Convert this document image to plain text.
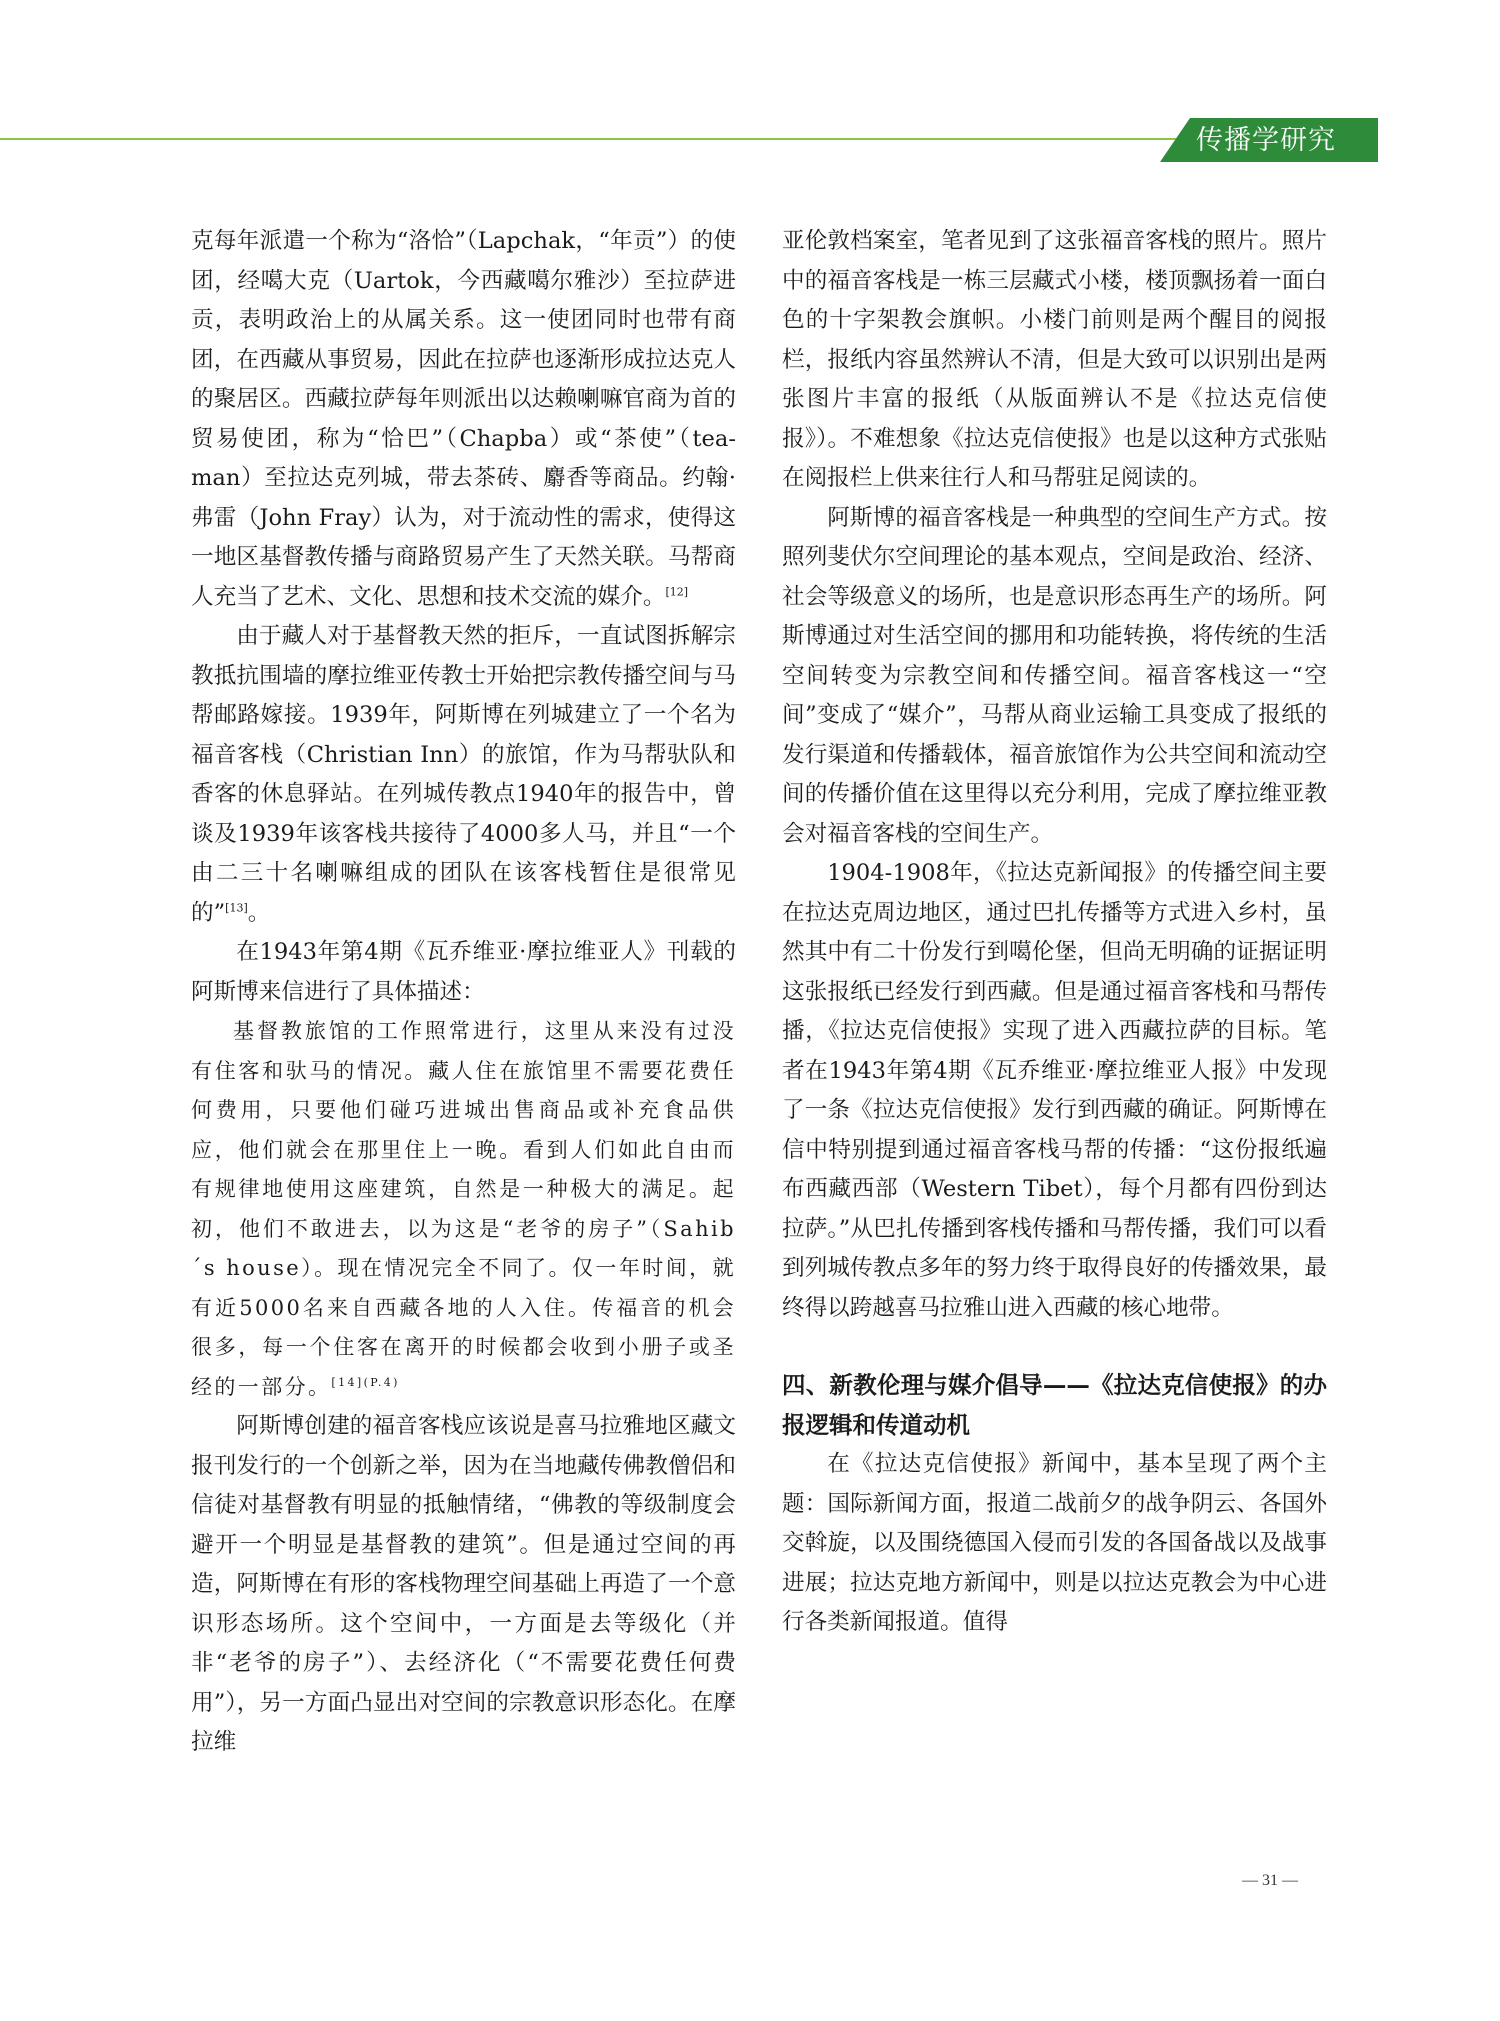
传播学研究

克每年派遣一个称为“洛恰”（Lapchak，“年贡”）的使团，经噶大克（Uartok，今西藏噶尔雅沙）至拉萨进贡，表明政治上的从属关系。这一使团同时也带有商团，在西藏从事贸易，因此在拉萨也逐渐形成拉达克人的聚居区。西藏拉萨每年则派出以达赖喇嘛官商为首的贸易使团，称为“恰巴”（Chapba）或“茶使”（tea-man）至拉达克列城，带去茶砖、麝香等商品。约翰·弗雷（John Fray）认为，对于流动性的需求，使得这一地区基督教传播与商路贸易产生了天然关联。马帮商人充当了艺术、文化、思想和技术交流的媒介。[12]

由于藏人对于基督教天然的拒斥，一直试图拆解宗教抵抗围墙的摩拉维亚传教士开始把宗教传播空间与马帮邮路嫁接。1939年，阿斯博在列城建立了一个名为福音客栈（Christian Inn）的旅馆，作为马帮驮队和香客的休息驿站。在列城传教点1940年的报告中，曾谈及1939年该客栈共接待了4000多人马，并且“一个由二三十名喇嘛组成的团队在该客栈暂住是很常见的”[13]。

在1943年第4期《瓦乔维亚·摩拉维亚人》刊载的阿斯博来信进行了具体描述：

基督教旅馆的工作照常进行，这里从来没有过没有住客和驮马的情况。藏人住在旅馆里不需要花费任何费用，只要他们碰巧进城出售商品或补充食品供应，他们就会在那里住上一晚。看到人们如此自由而有规律地使用这座建筑，自然是一种极大的满足。起初，他们不敢进去，以为这是“老爷的房子”（Sahib´s house）。现在情况完全不同了。仅一年时间，就有近5000名来自西藏各地的人入住。传福音的机会很多，每一个住客在离开的时候都会收到小册子或圣经的一部分。$^{[14](P.4)}$

阿斯博创建的福音客栈应该说是喜马拉雅地区藏文报刊发行的一个创新之举，因为在当地藏传佛教僧侣和信徒对基督教有明显的抵触情绪，“佛教的等级制度会避开一个明显是基督教的建筑”。但是通过空间的再造，阿斯博在有形的客栈物理空间基础上再造了一个意识形态场所。这个空间中，一方面是去等级化（并非“老爷的房子”）、去经济化（“不需要花费任何费用”），另一方面凸显出对空间的宗教意识形态化。在摩拉维

亚伦敦档案室，笔者见到了这张福音客栈的照片。照片中的福音客栈是一栋三层藏式小楼，楼顶飘扬着一面白色的十字架教会旗帜。小楼门前则是两个醒目的阅报栏，报纸内容虽然辨认不清，但是大致可以识别出是两张图片丰富的报纸（从版面辨认不是《拉达克信使报》）。不难想象《拉达克信使报》也是以这种方式张贴在阅报栏上供来往行人和马帮驻足阅读的。

阿斯博的福音客栈是一种典型的空间生产方式。按照列斐伏尔空间理论的基本观点，空间是政治、经济、社会等级意义的场所，也是意识形态再生产的场所。阿斯博通过对生活空间的挪用和功能转换，将传统的生活空间转变为宗教空间和传播空间。福音客栈这一“空间”变成了“媒介”，马帮从商业运输工具变成了报纸的发行渠道和传播载体，福音旅馆作为公共空间和流动空间的传播价值在这里得以充分利用，完成了摩拉维亚教会对福音客栈的空间生产。

1904-1908年，《拉达克新闻报》的传播空间主要在拉达克周边地区，通过巴扎传播等方式进入乡村，虽然其中有二十份发行到噶伦堡，但尚无明确的证据证明这张报纸已经发行到西藏。但是通过福音客栈和马帮传播，《拉达克信使报》实现了进入西藏拉萨的目标。笔者在1943年第4期《瓦乔维亚·摩拉维亚人报》中发现了一条《拉达克信使报》发行到西藏的确证。阿斯博在信中特别提到通过福音客栈马帮的传播：“这份报纸遍布西藏西部（Western Tibet），每个月都有四份到达拉萨。”从巴扎传播到客栈传播和马帮传播，我们可以看到列城传教点多年的努力终于取得良好的传播效果，最终得以跨越喜马拉雅山进入西藏的核心地带。

四、新教伦理与媒介倡导——《拉达克信使报》的办报逻辑和传道动机

在《拉达克信使报》新闻中，基本呈现了两个主题：国际新闻方面，报道二战前夕的战争阴云、各国外交斡旋，以及围绕德国入侵而引发的各国备战以及战事进展；拉达克地方新闻中，则是以拉达克教会为中心进行各类新闻报道。值得

— 31 —
